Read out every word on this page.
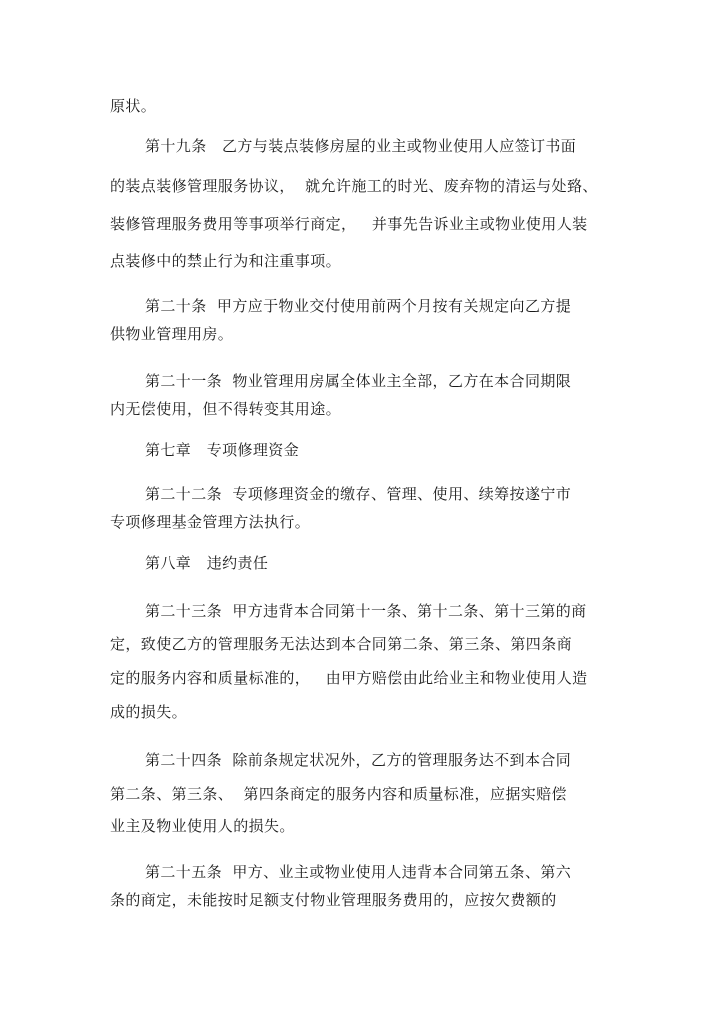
原状。
第十九条　乙方与装点装修房屋的业主或物业使用人应签订书面
的装点装修管理服务协议，  就允许施工的时光、废弃物的清运与处臵、
装修管理服务费用等事项举行商定，   并事先告诉业主或物业使用人装
点装修中的禁止行为和注重事项。
第二十条  甲方应于物业交付使用前两个月按有关规定向乙方提
供物业管理用房。
第二十一条  物业管理用房属全体业主全部，乙方在本合同期限
内无偿使用，但不得转变其用途。
第七章   专项修理资金
第二十二条  专项修理资金的缴存、管理、使用、续筹按遂宁市
专项修理基金管理方法执行。
第八章   违约责任
第二十三条  甲方违背本合同第十一条、第十二条、第十三第的商
定，致使乙方的管理服务无法达到本合同第二条、第三条、第四条商
定的服务内容和质量标准的，   由甲方赔偿由此给业主和物业使用人造
成的损失。
第二十四条  除前条规定状况外，乙方的管理服务达不到本合同
第二条、第三条、  第四条商定的服务内容和质量标准，应据实赔偿
业主及物业使用人的损失。
第二十五条  甲方、业主或物业使用人违背本合同第五条、第六
条的商定，未能按时足额支付物业管理服务费用的，应按欠费额的
